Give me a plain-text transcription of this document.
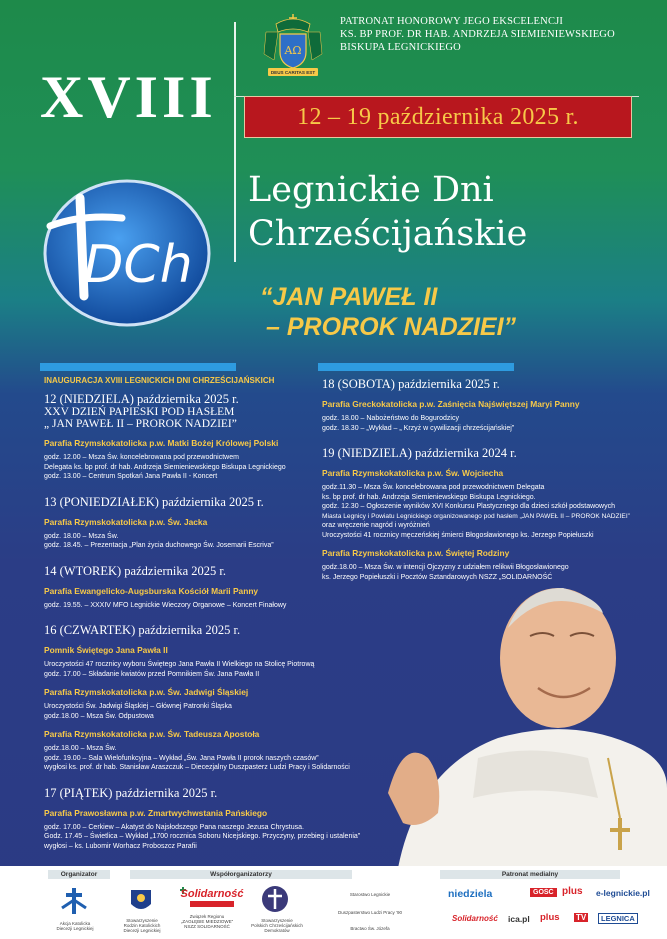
AΩ
DEUS CARITAS EST
PATRONAT HONOROWY JEGO EKSCELENCJI
KS. BP PROF. DR HAB. ANDRZEJA SIEMIENIEWSKIEGO
BISKUPA LEGNICKIEGO
XVIII	12 – 19 października 2025 r.
DCh
Legnickie Dni
Chrześcijańskie
“JAN PAWEŁ II
– PROROK NADZIEI”
INAUGURACJA XVIII LEGNICKICH DNI CHRZEŚCIJAŃSKICH
12 (NIEDZIELA) października 2025 r.
XXV DZIEŃ PAPIESKI POD HASŁEM
„ JAN PAWEŁ II – PROROK NADZIEI”
Parafia Rzymskokatolicka p.w. Matki Bożej Królowej Polski
godz. 12.00 – Msza Św. koncelebrowana pod przewodnictwem
Delegata ks. bp prof. dr hab. Andrzeja Siemieniewskiego Biskupa Legnickiego
godz. 13.00 – Centrum Spotkań Jana Pawła II - Koncert
13 (PONIEDZIAŁEK) października 2025 r.
Parafia Rzymskokatolicka p.w. Św. Jacka
godz. 18.00 – Msza Św.
godz. 18.45. – Prezentacja „Plan życia duchowego Św. Josemarii Escriva”
14 (WTOREK) października 2025 r.
Parafia Ewangelicko-Augsburska Kościół Marii Panny
godz. 19.55. – XXXIV MFO Legnickie Wieczory Organowe – Koncert Finałowy
16 (CZWARTEK) października 2025 r.
Pomnik Świętego Jana Pawła II
Uroczystości 47 rocznicy wyboru Świętego Jana Pawła II Wielkiego na Stolicę Piotrową
godz. 17.00 – Składanie kwiatów przed Pomnikiem Św. Jana Pawła II
Parafia Rzymskokatolicka p.w. Św. Jadwigi Śląskiej
Uroczystości Św. Jadwigi Śląskiej – Głównej Patronki Śląska
godz.18.00 – Msza Św. Odpustowa
Parafia Rzymskokatolicka p.w. Św. Tadeusza Apostoła
godz.18.00 – Msza Św.
godz. 19.00 – Sala Wielofunkcyjna – Wykład „Św. Jana Pawła II prorok naszych czasów”
wygłosi ks. prof. dr hab. Stanisław Araszczuk – Diecezjalny Duszpasterz Ludzi Pracy i Solidarności
17 (PIĄTEK) października 2025 r.
Parafia Prawosławna p.w. Zmartwychwstania Pańskiego
godz. 17.00 – Cerkiew – Akatyst do Najsłodszego Pana naszego Jezusa Chrystusa.
Godz. 17.45 – Świetlica – Wykład „1700 rocznica Soboru Nicejskiego. Przyczyny, przebieg i ustalenia”
wygłosi – ks. Lubomir Worhacz Proboszcz Parafii
18 (SOBOTA) października 2025 r.
Parafia Greckokatolicka p.w. Zaśnięcia Najświętszej Maryi Panny
godz. 18.00 – Nabożeństwo do Bogurodzicy
godz. 18.30 – „Wykład – „ Krzyż w cywilizacji chrześcijańskiej”
19 (NIEDZIELA) października 2024 r.
Parafia Rzymskokatolicka p.w. Św. Wojciecha
godz.11.30 – Msza Św. koncelebrowana pod przewodnictwem Delegata
ks. bp prof. dr hab. Andrzeja Siemieniewskiego Biskupa Legnickiego.
godz. 12.30 – Ogłoszenie wyników XVI Konkursu Plastycznego dla dzieci szkół podstawowych
Miasta Legnicy i Powiatu Legnickiego organizowanego pod hasłem „JAN PAWEŁ II – PROROK NADZIEI”
oraz wręczenie nagród i wyróżnień
Uroczystości 41 rocznicy męczeńskiej śmierci Błogosławionego ks. Jerzego Popiełuszki
Parafia Rzymskokatolicka p.w. Świętej Rodziny
godz.18.00 – Msza Św. w intencji Ojczyzny z udziałem relikwii Błogosławionego
ks. Jerzego Popiełuszki i Pocztów Sztandarowych NSZZ „SOLIDARNOŚĆ
Organizator	Współorganizatorzy	Patronat medialny
Akcja Katolicka
Diecezji Legnickiej
Stowarzyszenie
Rodzin Katolickich
Diecezji Legnickiej
Solidarność
Związek Regionu
„ZAGŁĘBIE MIEDZIOWE”
NSZZ SOLIDARNOŚĆ
Stowarzyszenie
Polskich Chrześcijańskich Demokratów
Starostwo Legnickie
Duszpasterstwo Ludzi Pracy ’90
Bractwo Św. Józefa
niedziela	GOŚĆ plus e-legnickie.pl
Solidarność ica.pl plus TV	LEGNICA
